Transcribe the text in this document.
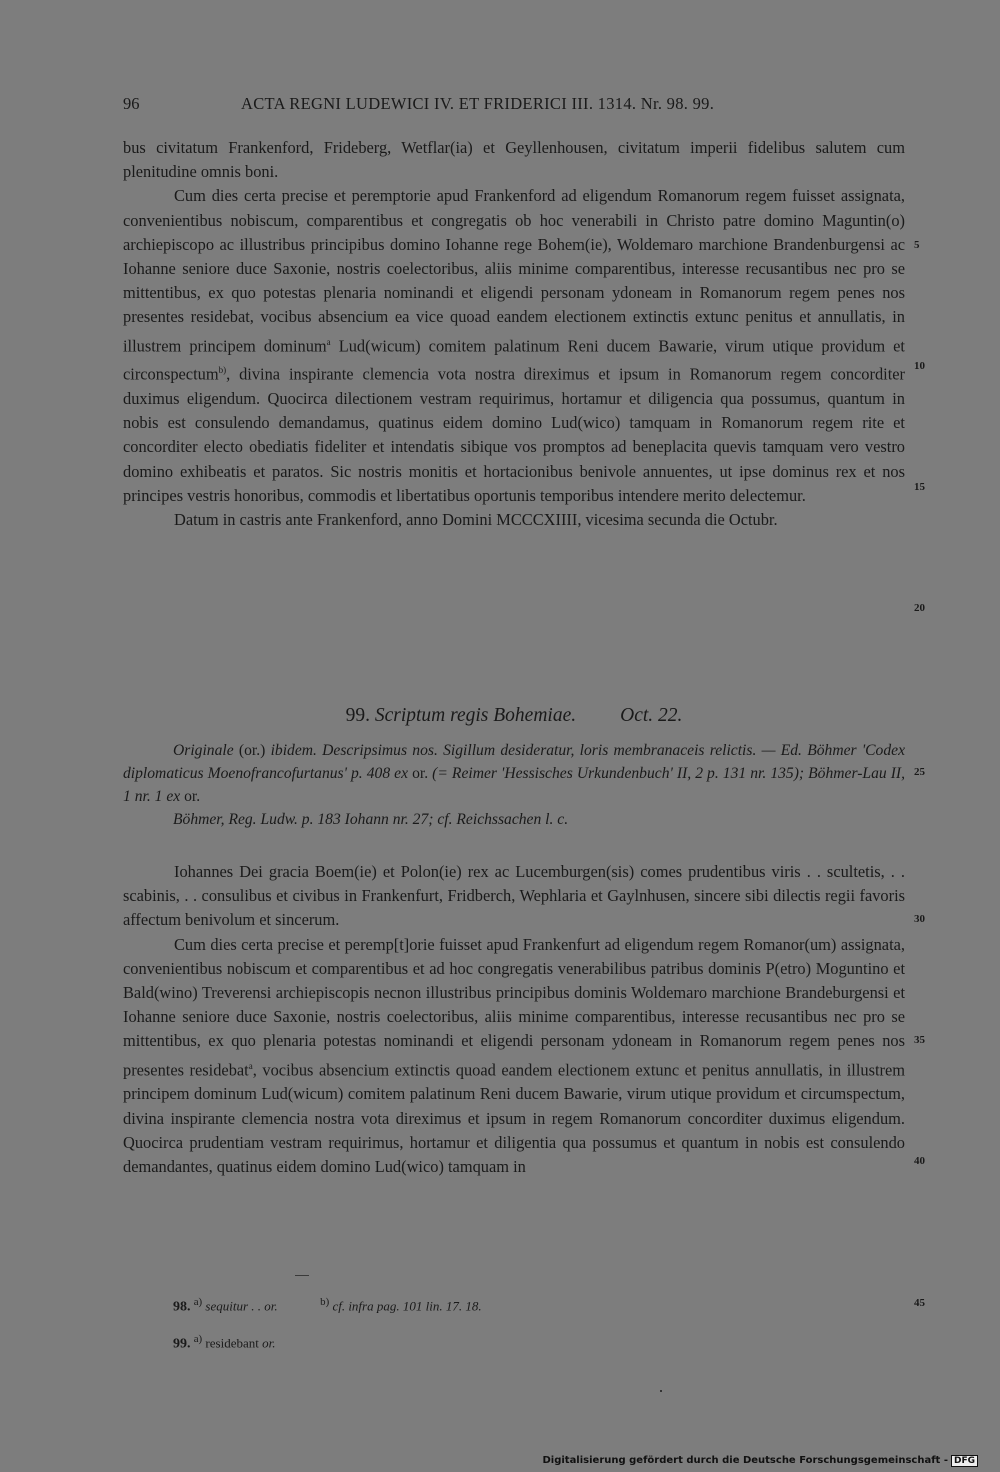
96	ACTA REGNI LUDEWICI IV. ET FRIDERICI III. 1314. Nr. 98. 99.

bus civitatum Frankenford, Frideberg, Wetflar(ia) et Geyllenhousen, civitatum imperii fidelibus salutem cum plenitudine omnis boni.

Cum dies certa precise et peremptorie apud Frankenford ad eligendum Romanorum regem fuisset assignata, convenientibus nobiscum, comparentibus et congregatis ob hoc venerabili in Christo patre domino Maguntin(o) archiepiscopo ac illustribus principibus domino Iohanne rege Bohem(ie), Woldemaro marchione Brandenburgensi ac Iohanne seniore duce Saxonie, nostris coelectoribus, aliis minime comparentibus, interesse recusantibus nec pro se mittentibus, ex quo potestas plenaria nominandi et eligendi personam ydoneam in Romanorum regem penes nos presentes residebat, vocibus absencium ea vice quoad eandem electionem extinctis extunc penitus et annullatis, in illustrem principem dominum$^a$ Lud(wicum) comitem palatinum Reni ducem Bawarie, virum utique providum et circonspectum$^{b)}$, divina inspirante clemencia vota nostra direximus et ipsum in Romanorum regem concorditer duximus eligendum. Quocirca dilectionem vestram requirimus, hortamur et diligencia qua possumus, quantum in nobis est consulendo demandamus, quatinus eidem domino Lud(wico) tamquam in Romanorum regem rite et concorditer electo obediatis fideliter et intendatis sibique vos promptos ad beneplacita quevis tamquam vero vestro domino exhibeatis et paratos. Sic nostris monitis et hortacionibus benivole annuentes, ut ipse dominus rex et nos principes vestris honoribus, commodis et libertatibus oportunis temporibus intendere merito delectemur.

Datum in castris ante Frankenford, anno Domini MCCCXIIII, vicesima secunda die Octubr.

99. Scriptum regis Bohemiae. Oct. 22.

Originale (or.) ibidem. Descripsimus nos. Sigillum desideratur, loris membranaceis relictis. — Ed. Böhmer 'Codex diplomaticus Moenofrancofurtanus' p. 408 ex or. (= Reimer 'Hessisches Urkundenbuch' II, 2 p. 131 nr. 135); Böhmer-Lau II, 1 nr. 1 ex or.

Böhmer, Reg. Ludw. p. 183 Iohann nr. 27; cf. Reichssachen l. c.

Iohannes Dei gracia Boem(ie) et Polon(ie) rex ac Lucemburgen(sis) comes prudentibus viris . . scultetis, . . scabinis, . . consulibus et civibus in Frankenfurt, Fridberch, Wephlaria et Gaylnhusen, sincere sibi dilectis regii favoris affectum benivolum et sincerum.

Cum dies certa precise et peremp[t]orie fuisset apud Frankenfurt ad eligendum regem Romanor(um) assignata, convenientibus nobiscum et comparentibus et ad hoc congregatis venerabilibus patribus dominis P(etro) Moguntino et Bald(wino) Treverensi archiepiscopis necnon illustribus principibus dominis Woldemaro marchione Brandeburgensi et Iohanne seniore duce Saxonie, nostris coelectoribus, aliis minime comparentibus, interesse recusantibus nec pro se mittentibus, ex quo plenaria potestas nominandi et eligendi personam ydoneam in Romanorum regem penes nos presentes residebat$^a$, vocibus absencium extinctis quoad eandem electionem extunc et penitus annullatis, in illustrem principem dominum Lud(wicum) comitem palatinum Reni ducem Bawarie, virum utique providum et circumspectum, divina inspirante clemencia nostra vota direximus et ipsum in regem Romanorum concorditer duximus eligendum. Quocirca prudentiam vestram requirimus, hortamur et diligentia qua possumus et quantum in nobis est consulendo demandantes, quatinus eidem domino Lud(wico) tamquam in

98. $^{a)}$ sequitur . . or.	$^{b)}$ cf. infra pag. 101 lin. 17. 18.
99. $^{a)}$ residebant or.
5
10
15
20
25
30
35
40
45
Digitalisierung gefördert durch die Deutsche Forschungsgemeinschaft - DFG
